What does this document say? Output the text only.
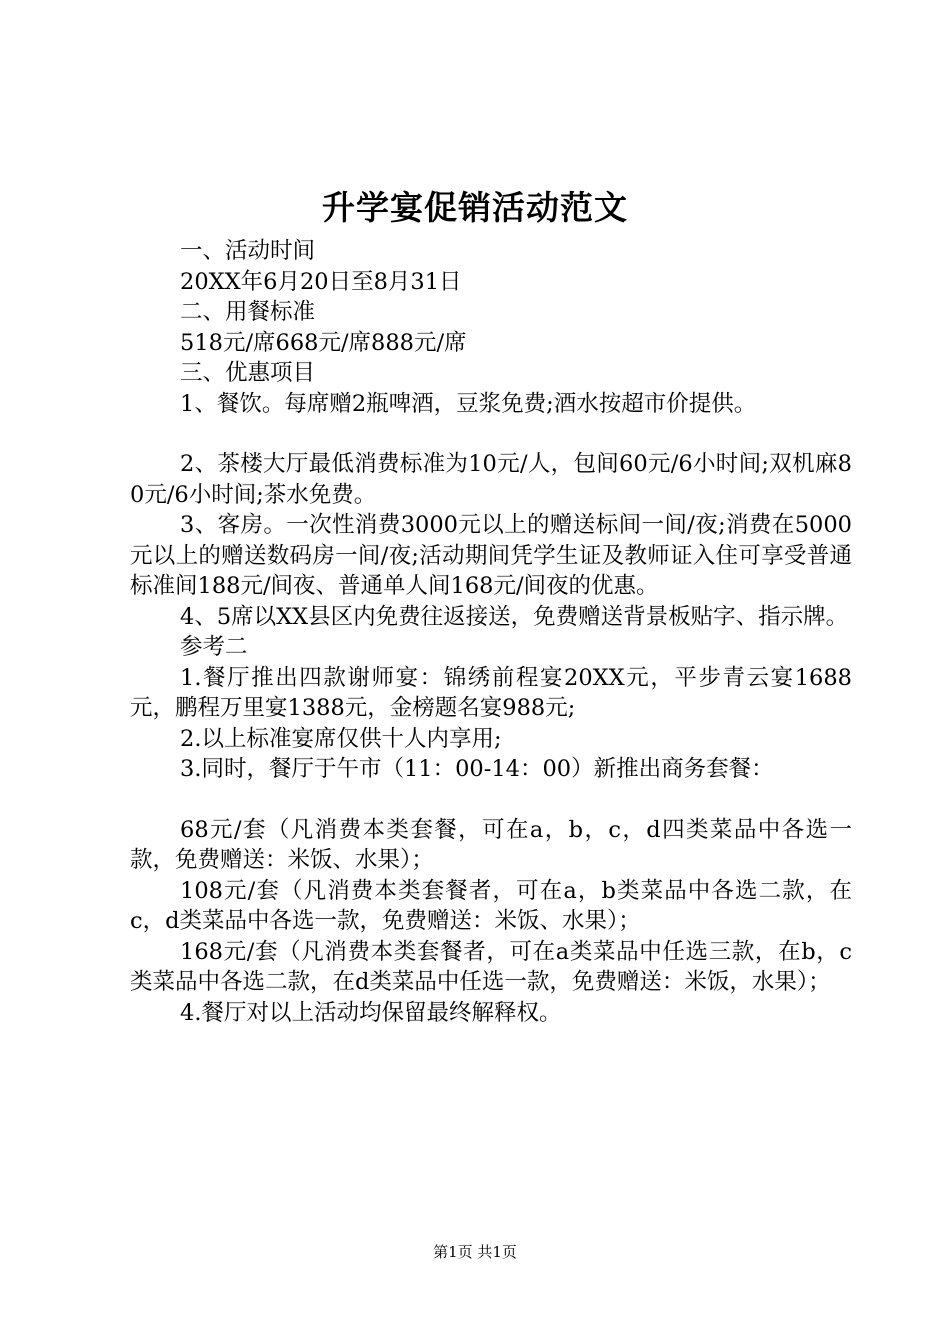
升学宴促销活动范文

一、活动时间

20XX年6月20日至8月31日

二、用餐标准

518元/席668元/席888元/席

三、优惠项目

1、餐饮。每席赠2瓶啤酒，豆浆免费;酒水按超市价提供。

2、茶楼大厅最低消费标准为10元/人，包间60元/6小时间;双机麻80元/6小时间;茶水免费。

3、客房。一次性消费3000元以上的赠送标间一间/夜;消费在5000元以上的赠送数码房一间/夜;活动期间凭学生证及教师证入住可享受普通标准间188元/间夜、普通单人间168元/间夜的优惠。

4、5席以XX县区内免费往返接送，免费赠送背景板贴字、指示牌。

参考二

1.餐厅推出四款谢师宴：锦绣前程宴20XX元，平步青云宴1688元，鹏程万里宴1388元，金榜题名宴988元;

2.以上标准宴席仅供十人内享用;

3.同时，餐厅于午市（11：00-14：00）新推出商务套餐：

68元/套（凡消费本类套餐，可在a，b，c，d四类菜品中各选一款，免费赠送：米饭、水果）；

108元/套（凡消费本类套餐者，可在a，b类菜品中各选二款，在c，d类菜品中各选一款，免费赠送：米饭、水果）；

168元/套（凡消费本类套餐者，可在a类菜品中任选三款，在b，c类菜品中各选二款，在d类菜品中任选一款，免费赠送：米饭，水果）；

4.餐厅对以上活动均保留最终解释权。

第1页 共1页
